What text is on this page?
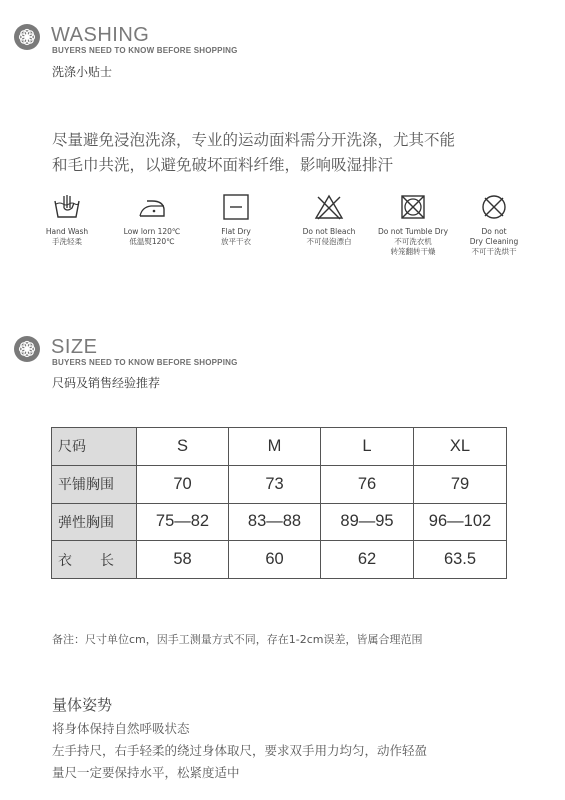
WASHING
BUYERS NEED TO KNOW BEFORE SHOPPING
洗涤小贴士
尽量避免浸泡洗涤，专业的运动面料需分开洗涤，尤其不能
和毛巾共洗，以避免破坏面料纤维，影响吸湿排汗
Hand Wash
手洗轻柔
Low lorn 120℃
低温熨120℃
Flat Dry
放平干衣
Do not Bleach
不可侵泡漂白
Do not Tumble Dry
不可洗衣机
转笼翻转干燥
Do not
Dry Cleaning
不可干洗烘干
SIZE
BUYERS NEED TO KNOW BEFORE SHOPPING
尺码及销售经验推荐
尺码	S	M	L	XL
平铺胸围	70	73	76	79
弹性胸围	75—82	83—88	89—95	96—102
衣　　长	58	60	62	63.5
备注：尺寸单位cm，因手工测量方式不同，存在1-2cm误差，皆属合理范围
量体姿势
将身体保持自然呼吸状态
左手持尺，右手轻柔的绕过身体取尺，要求双手用力均匀，动作轻盈
量尺一定要保持水平，松紧度适中
